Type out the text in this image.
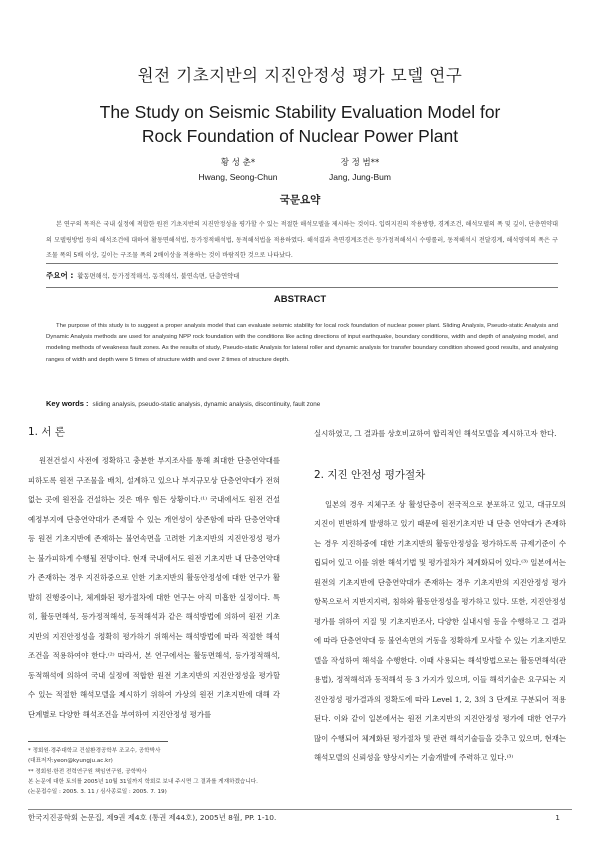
원전 기초지반의 지진안정성 평가 모델 연구
The Study on Seismic Stability Evaluation Model for
Rock Foundation of Nuclear Power Plant
황 성 춘*
Hwang, Seong-Chun
장 정 범**
Jang, Jung-Bum
국문요약
본 연구의 목적은 국내 실정에 적합한 원전 기초지반의 지진안정성을 평가할 수 있는 적절한 해석모델을 제시하는 것이다. 입력지진의 작용방향, 경계조건, 해석모델의 폭 및 깊이, 단층연약대의 모델링방법 등의 해석조건에 대하여 활동면해석법, 등가정적해석법, 동적해석법을 적용하였다. 해석결과 측면경계조건은 등가정적해석시 수평롤러, 동적해석시 전달경계, 해석영역의 폭은 구조물 폭의 5배 이상, 깊이는 구조물 폭의 2배이상을 적용하는 것이 바람직한 것으로 나타났다.
주요어 : 활동면해석, 등가정적해석, 동적해석, 불연속면, 단층연약대
ABSTRACT
The purpose of this study is to suggest a proper analysis model that can evaluate seismic stability for local rock foundation of nuclear power plant. Sliding Analysis, Pseudo-static Analysis and Dynamic Analysis methods are used for analysing NPP rock foundation with the conditions like acting directions of input earthquake, boundary conditions, width and depth of analysing model, and modeling methods of weakness fault zones. As the results of study, Pseudo-static Analysis for lateral roller and dynamic analysis for transfer boundary condition showed good results, and analysing ranges of width and depth were 5 times of structure width and over 2 times of structure depth.
Key words : sliding analysis, pseudo-static analysis, dynamic analysis, discontinuity, fault zone
1. 서 론

원전건설시 사전에 정확하고 충분한 부지조사를 통해 최대한 단층연약대를 피하도록 원전 구조물을 배치, 설계하고 있으나 부지규모상 단층연약대가 전혀 없는 곳에 원전을 건설하는 것은 매우 힘든 상황이다.⁽¹⁾ 국내에서도 원전 건설 예정부지에 단층연약대가 존재할 수 있는 개연성이 상존함에 따라 단층연약대 등 원전 기초지반에 존재하는 불연속면을 고려한 기초지반의 지진안정성 평가는 불가피하게 수행될 전망이다. 현재 국내에서도 원전 기초지반 내 단층연약대가 존재하는 경우 지진하중으로 인한 기초지반의 활동안정성에 대한 연구가 활발히 진행중이나, 체계화된 평가절차에 대한 연구는 아직 미흡한 실정이다. 특히, 활동면해석, 등가정적해석, 동적해석과 같은 해석방법에 의하여 원전 기초지반의 지진안정성을 정확히 평가하기 위해서는 해석방법에 따라 적절한 해석조건을 적용하여야 한다.⁽²⁾ 따라서, 본 연구에서는 활동면해석, 등가정적해석, 동적해석에 의하여 국내 실정에 적합한 원전 기초지반의 지진안정성을 평가할 수 있는 적절한 해석모델을 제시하기 위하여 가상의 원전 기초지반에 대해 각 단계별로 다양한 해석조건을 부여하여 지진안정성 평가를

실시하였고, 그 결과를 상호비교하여 합리적인 해석모델을 제시하고자 한다.

2. 지진 안전성 평가절차

일본의 경우 지체구조 상 활성단층이 전국적으로 분포하고 있고, 대규모의 지진이 빈번하게 발생하고 있기 때문에 원전기초지반 내 단층 연약대가 존재하는 경우 지진하중에 대한 기초지반의 활동안정성을 평가하도록 규제기준이 수립되어 있고 이를 위한 해석기법 및 평가절차가 체계화되어 있다.⁽³⁾ 일본에서는 원전의 기초지반에 단층연약대가 존재하는 경우 기초지반의 지진안정성 평가항목으로서 지반지지력, 침하와 활동안정성을 평가하고 있다. 또한, 지진안정성 평가를 위하여 지질 및 기초지반조사, 다양한 실내시험 등을 수행하고 그 결과에 따라 단층연약대 등 불연속면의 거동을 정확하게 모사할 수 있는 기초지반모델을 작성하여 해석을 수행한다. 이때 사용되는 해석방법으로는 활동면해석(관용법), 정적해석과 동적해석 등 3 가지가 있으며, 이들 해석기술은 요구되는 지진안정성 평가결과의 정확도에 따라 Level 1, 2, 3의 3 단계로 구분되어 적용된다. 이와 같이 일본에서는 원전 기초지반의 지진안정성 평가에 대한 연구가 많이 수행되어 체계화된 평가절차 및 관련 해석기술들을 갖추고 있으며, 현재는 해석모델의 신뢰성을 향상시키는 기술개발에 주력하고 있다.⁽³⁾

* 정회원·경주대학교 건설환경공학부 조교수, 공학박사
(대표저자:yeon@kyungju.ac.kr)
** 정회원·한전 전력연구원 책임연구원, 공학박사
본 논문에 대한 토의를 2005년 10월 31일까지 학회로 보내 주시면 그 결과를 게재하겠습니다.
(논문접수일 : 2005. 3. 11 / 심사종료일 : 2005. 7. 19)
한국지진공학회 논문집, 제9권 제4호 (통권 제44호), 2005년 8월, PP. 1-10.	1
